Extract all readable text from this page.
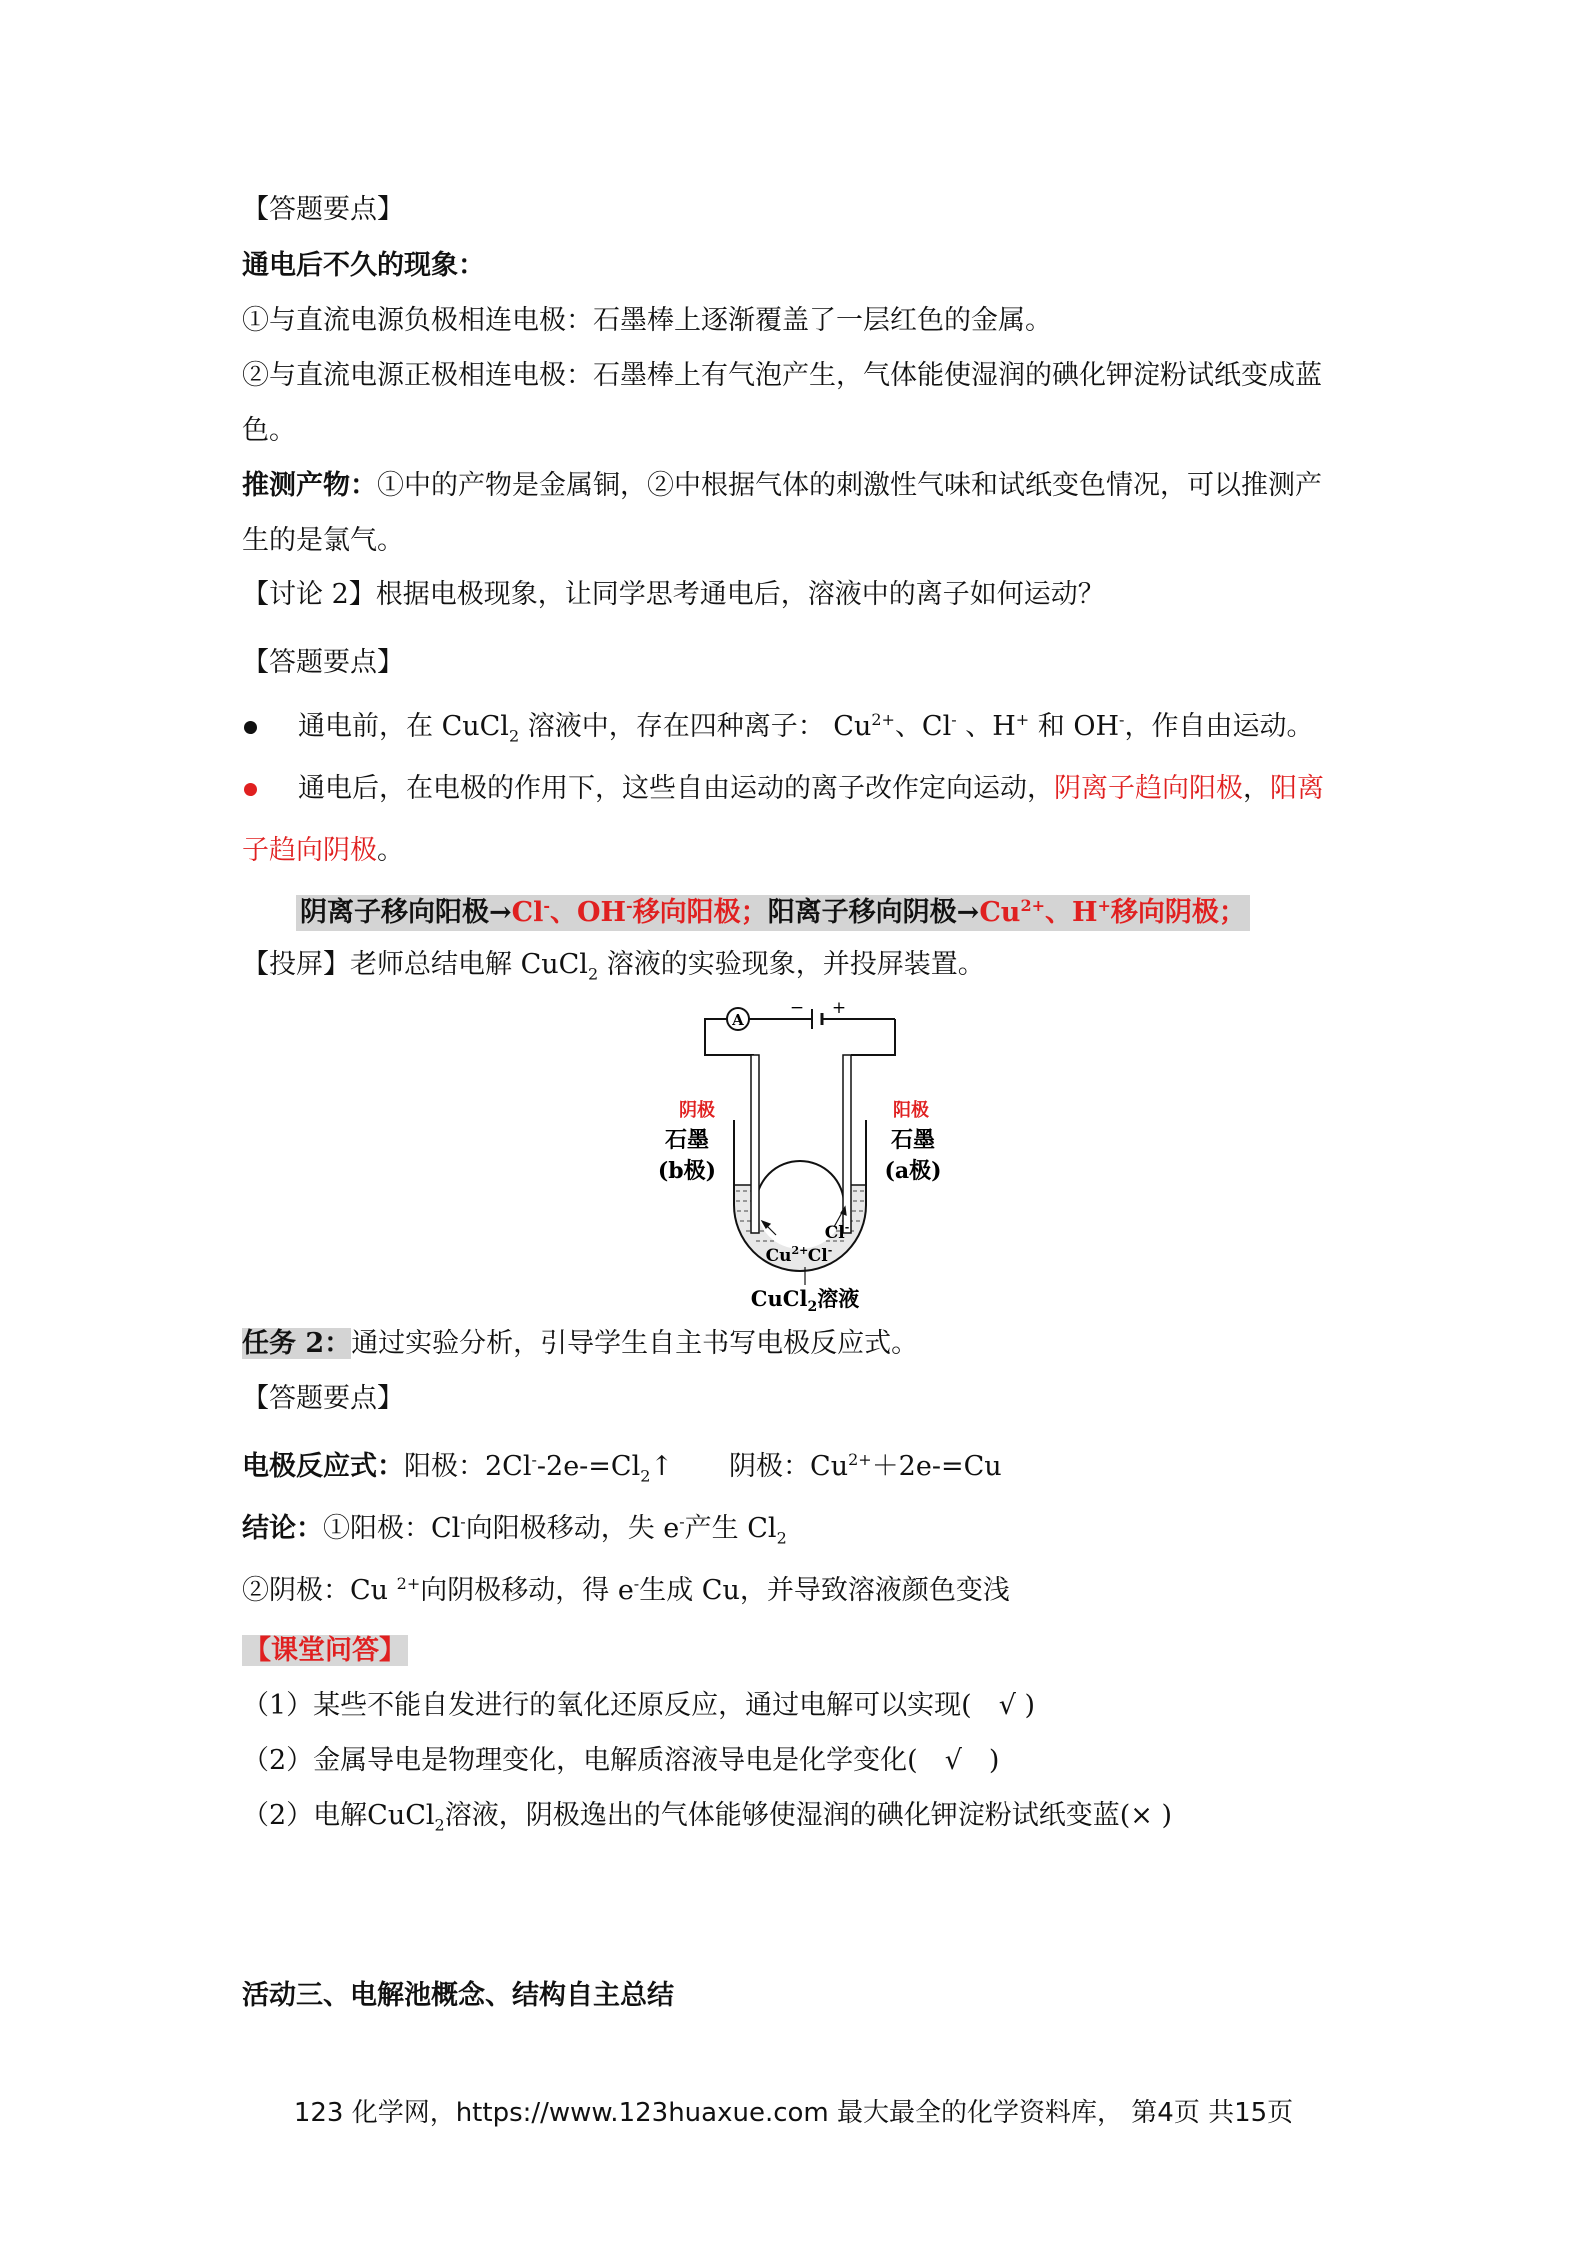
【答题要点】
通电后不久的现象：
①与直流电源负极相连电极：石墨棒上逐渐覆盖了一层红色的金属。
②与直流电源正极相连电极：石墨棒上有气泡产生，气体能使湿润的碘化钾淀粉试纸变成蓝
色。
推测产物：①中的产物是金属铜，②中根据气体的刺激性气味和试纸变色情况，可以推测产
生的是氯气。
【讨论 2】根据电极现象，让同学思考通电后，溶液中的离子如何运动？
【答题要点】
通电前，在 CuCl$_2$ 溶液中，存在四种离子： $Cu^{2+}$、Cl- 、H+ 和 OH-，作自由运动。
通电后，在电极的作用下，这些自由运动的离子改作定向运动，阴离子趋向阳极，阳离
子趋向阴极。
阴离子移向阳极→Cl-、OH-移向阳极；阳离子移向阴极$\to Cu^{2+}$、H+移向阴极；
【投屏】老师总结电解 CuCl$_2$ 溶液的实验现象，并投屏装置。
A
− +
$Cu^{2+}$ Cl-
Cl-
CuCl$_2$溶液
阴极	阳极
石墨	石墨
(b极)	(a极)
任务 2：通过实验分析，引导学生自主书写电极反应式。
【答题要点】
电极反应式：阳极：$2Cl^--2e-=Cl_2↑$ 阴极：$Cu^{2+}+2e-=Cu$
结论：①阳极：Cl-向阳极移动，失 e-产生 $Cl_2$
②阴极：Cu $^{2+}$向阴极移动，得 e-生成 Cu，并导致溶液颜色变浅
【课堂问答】
（1）某些不能自发进行的氧化还原反应，通过电解可以实现(　√ )
（2）金属导电是物理变化，电解质溶液导电是化学变化(　√　)
（2）电解CuCl$_2$溶液，阴极逸出的气体能够使湿润的碘化钾淀粉试纸变蓝(× )
活动三、电解池概念、结构自主总结
123 化学网，https://www.123huaxue.com 最大最全的化学资料库， 第4页 共15页
